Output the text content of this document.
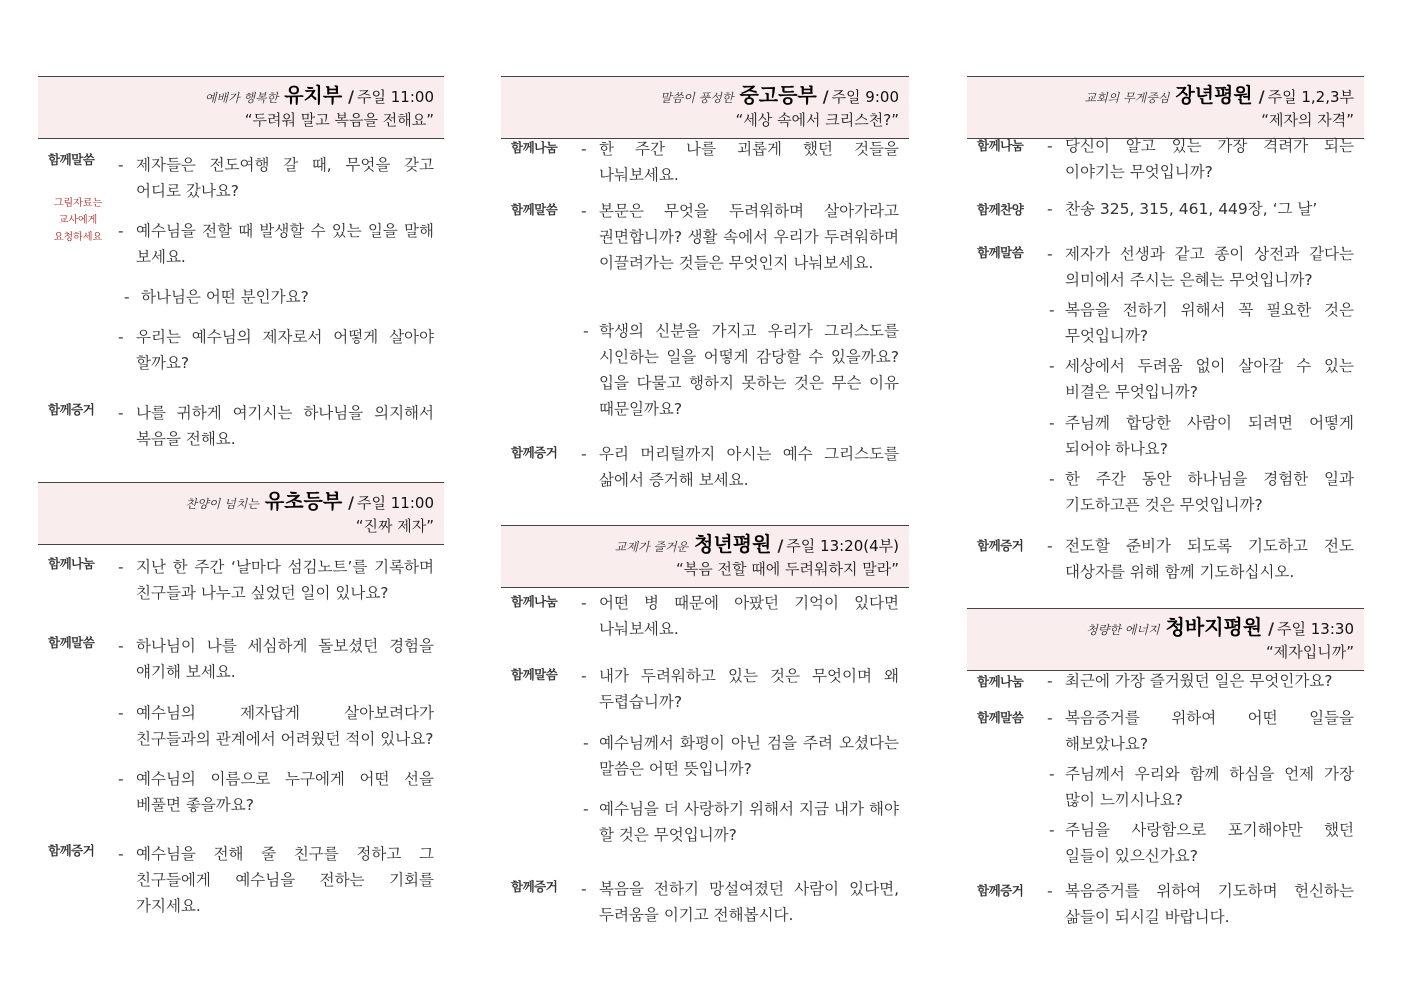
예배가 행복한 유치부 / 주일 11:00
“두려워 말고 복음을 전해요”
함께말씀 - 제자들은 전도여행 갈 때, 무엇을 갖고 어디로 갔나요?
- 예수님을 전할 때 발생할 수 있는 일을 말해 보세요.
- 하나님은 어떤 분인가요?
- 우리는 예수님의 제자로서 어떻게 살아야 할까요?
함께증거 - 나를 귀하게 여기시는 하나님을 의지해서 복음을 전해요.
그림자료는
교사에게
요청하세요
찬양이 넘치는 유초등부 / 주일 11:00
“진짜 제자”
함께나눔 - 지난 한 주간 ‘날마다 섬김노트’를 기록하며 친구들과 나누고 싶었던 일이 있나요?
함께말씀 - 하나님이 나를 세심하게 돌보셨던 경험을 얘기해 보세요.
- 예수님의 제자답게 살아보려다가 친구들과의 관계에서 어려웠던 적이 있나요?
- 예수님의 이름으로 누구에게 어떤 선을 베풀면 좋을까요?
함께증거 - 예수님을 전해 줄 친구를 정하고 그 친구들에게 예수님을 전하는 기회를 가지세요.
말씀이 풍성한 중고등부 / 주일 9:00
“세상 속에서 크리스천?”
함께나눔 - 한 주간 나를 괴롭게 했던 것들을 나눠보세요.
함께말씀 - 본문은 무엇을 두려워하며 살아가라고 권면합니까? 생활 속에서 우리가 두려워하며 이끌려가는 것들은 무엇인지 나눠보세요.
- 학생의 신분을 가지고 우리가 그리스도를 시인하는 일을 어떻게 감당할 수 있을까요? 입을 다물고 행하지 못하는 것은 무슨 이유 때문일까요?
함께증거 - 우리 머리털까지 아시는 예수 그리스도를 삶에서 증거해 보세요.
교제가 즐거운 청년평원 / 주일 13:20(4부)
“복음 전할 때에 두려워하지 말라”
함께나눔 - 어떤 병 때문에 아팠던 기억이 있다면 나눠보세요.
함께말씀 - 내가 두려워하고 있는 것은 무엇이며 왜 두렵습니까?
- 예수님께서 화평이 아닌 검을 주려 오셨다는 말씀은 어떤 뜻입니까?
- 예수님을 더 사랑하기 위해서 지금 내가 해야 할 것은 무엇입니까?
함께증거 - 복음을 전하기 망설여졌던 사람이 있다면, 두려움을 이기고 전해봅시다.
교회의 무게중심 장년평원 / 주일 1,2,3부
“제자의 자격”
함께나눔 - 당신이 알고 있는 가장 격려가 되는 이야기는 무엇입니까?
함께찬양 - 찬송 325, 315, 461, 449장, ‘그 날’
함께말씀 - 제자가 선생과 같고 종이 상전과 같다는 의미에서 주시는 은혜는 무엇입니까?
- 복음을 전하기 위해서 꼭 필요한 것은 무엇입니까?
- 세상에서 두려움 없이 살아갈 수 있는 비결은 무엇입니까?
- 주님께 합당한 사람이 되려면 어떻게 되어야 하나요?
- 한 주간 동안 하나님을 경험한 일과 기도하고픈 것은 무엇입니까?
함께증거 - 전도할 준비가 되도록 기도하고 전도 대상자를 위해 함께 기도하십시오.
청량한 에너지 청바지평원 / 주일 13:30
“제자입니까”
함께나눔 - 최근에 가장 즐거웠던 일은 무엇인가요?
함께말씀 - 복음증거를 위하여 어떤 일들을 해보았나요?
- 주님께서 우리와 함께 하심을 언제 가장 많이 느끼시나요?
- 주님을 사랑함으로 포기해야만 했던 일들이 있으신가요?
함께증거 - 복음증거를 위하여 기도하며 헌신하는 삶들이 되시길 바랍니다.
